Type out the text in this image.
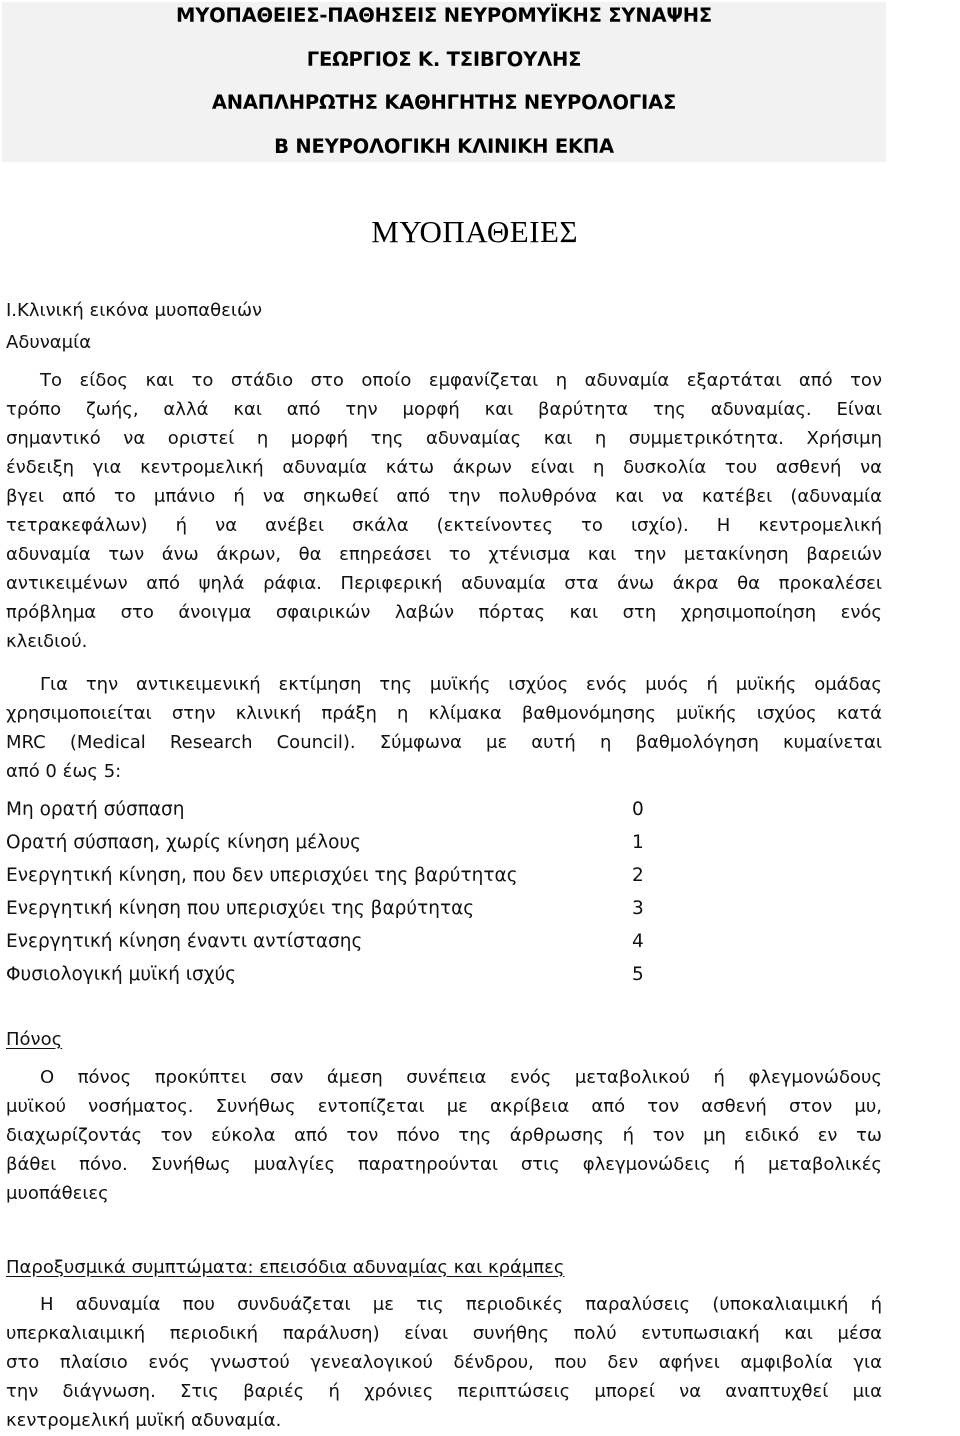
ΜΥΟΠΑΘΕΙΕΣ-ΠΑΘΗΣΕΙΣ ΝΕΥΡΟΜΥΪΚΗΣ ΣΥΝΑΨΗΣ
ΓΕΩΡΓΙΟΣ Κ. ΤΣΙΒΓΟΥΛΗΣ
ΑΝΑΠΛΗΡΩΤΗΣ ΚΑΘΗΓΗΤΗΣ ΝΕΥΡΟΛΟΓΙΑΣ
Β ΝΕΥΡΟΛΟΓΙΚΗ ΚΛΙΝΙΚΗ ΕΚΠΑ
ΜΥΟΠΑΘΕΙΕΣ
Ι.Κλινική εικόνα μυοπαθειών
Αδυναμία
Το είδος και το στάδιο στο οποίο εμφανίζεται η αδυναμία εξαρτάται από τον
τρόπο ζωής, αλλά και από την μορφή και βαρύτητα της αδυναμίας. Είναι
σημαντικό να οριστεί η μορφή της αδυναμίας και η συμμετρικότητα. Χρήσιμη
ένδειξη για κεντρομελική αδυναμία κάτω άκρων είναι η δυσκολία του ασθενή να
βγει από το μπάνιο ή να σηκωθεί από την πολυθρόνα και να κατέβει (αδυναμία
τετρακεφάλων) ή να ανέβει σκάλα (εκτείνοντες το ισχίο). Η κεντρομελική
αδυναμία των άνω άκρων, θα επηρεάσει το χτένισμα και την μετακίνηση βαρειών
αντικειμένων από ψηλά ράφια. Περιφερική αδυναμία στα άνω άκρα θα προκαλέσει
πρόβλημα στο άνοιγμα σφαιρικών λαβών πόρτας και στη χρησιμοποίηση ενός
κλειδιού.
Για την αντικειμενική εκτίμηση της μυϊκής ισχύος ενός μυός ή μυϊκής ομάδας
χρησιμοποιείται στην κλινική πράξη η κλίμακα βαθμονόμησης μυϊκής ισχύος κατά
MRC (Medical Research Council). Σύμφωνα με αυτή η βαθμολόγηση κυμαίνεται
από 0 έως 5:
Μη ορατή σύσπαση	0
Ορατή σύσπαση, χωρίς κίνηση μέλους	1
Ενεργητική κίνηση, που δεν υπερισχύει της βαρύτητας	2
Ενεργητική κίνηση που υπερισχύει της βαρύτητας	3
Ενεργητική κίνηση έναντι αντίστασης	4
Φυσιολογική μυϊκή ισχύς	5
Πόνος
Ο πόνος προκύπτει σαν άμεση συνέπεια ενός μεταβολικού ή φλεγμονώδους
μυϊκού νοσήματος. Συνήθως εντοπίζεται με ακρίβεια από τον ασθενή στον μυ,
διαχωρίζοντάς τον εύκολα από τον πόνο της άρθρωσης ή τον μη ειδικό εν τω
βάθει πόνο. Συνήθως μυαλγίες παρατηρούνται στις φλεγμονώδεις ή μεταβολικές
μυοπάθειες
Παροξυσμικά συμπτώματα: επεισόδια αδυναμίας και κράμπες
Η αδυναμία που συνδυάζεται με τις περιοδικές παραλύσεις (υποκαλιαιμική ή
υπερκαλιαιμική περιοδική παράλυση) είναι συνήθης πολύ εντυπωσιακή και μέσα
στο πλαίσιο ενός γνωστού γενεαλογικού δένδρου, που δεν αφήνει αμφιβολία για
την διάγνωση. Στις βαριές ή χρόνιες περιπτώσεις μπορεί να αναπτυχθεί μια
κεντρομελική μυϊκή αδυναμία.
